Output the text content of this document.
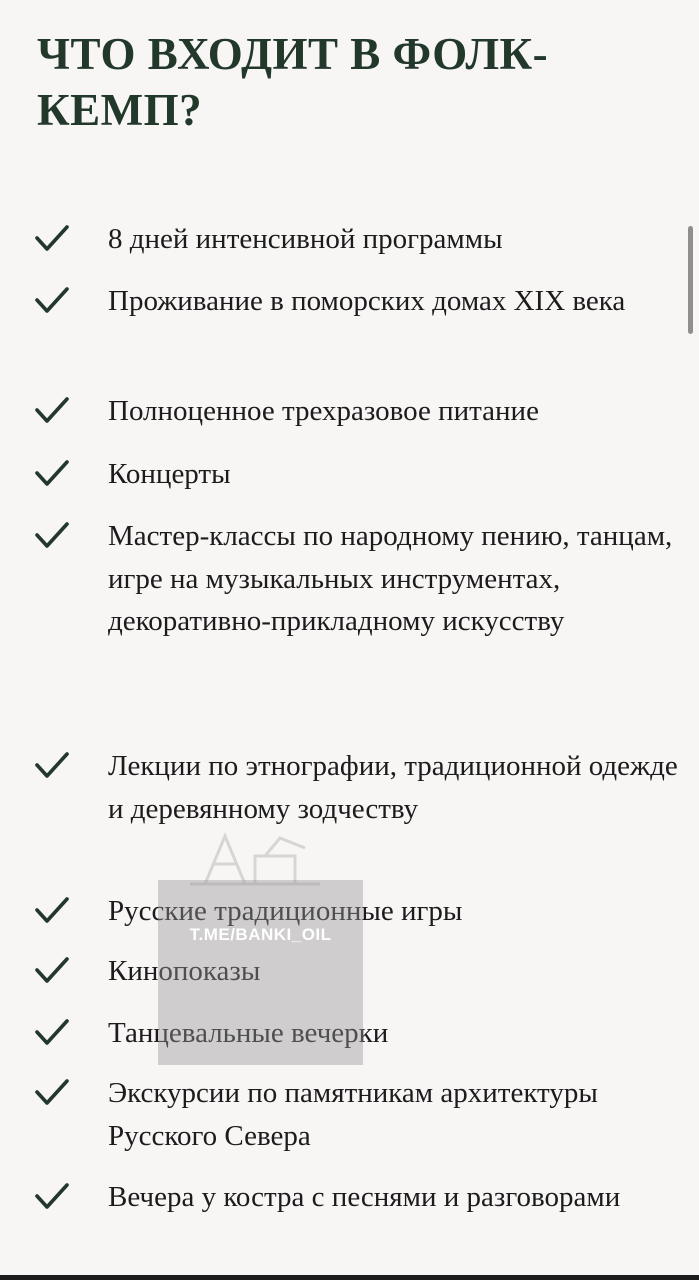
ЧТО ВХОДИТ В ФОЛК-КЕМП?
8 дней интенсивной программы
Проживание в поморских домах XIX века
Полноценное трехразовое питание
Концерты
Мастер-классы по народному пению, танцам, игре на музыкальных инструментах, декоративно-прикладному искусству
Лекции по этнографии, традиционной одежде и деревянному зодчеству
Русские традиционные игры
Кинопоказы
Танцевальные вечерки
Экскурсии по памятникам архитектуры Русского Севера
Вечера у костра с песнями и разговорами
T.ME/BANKI_OIL
